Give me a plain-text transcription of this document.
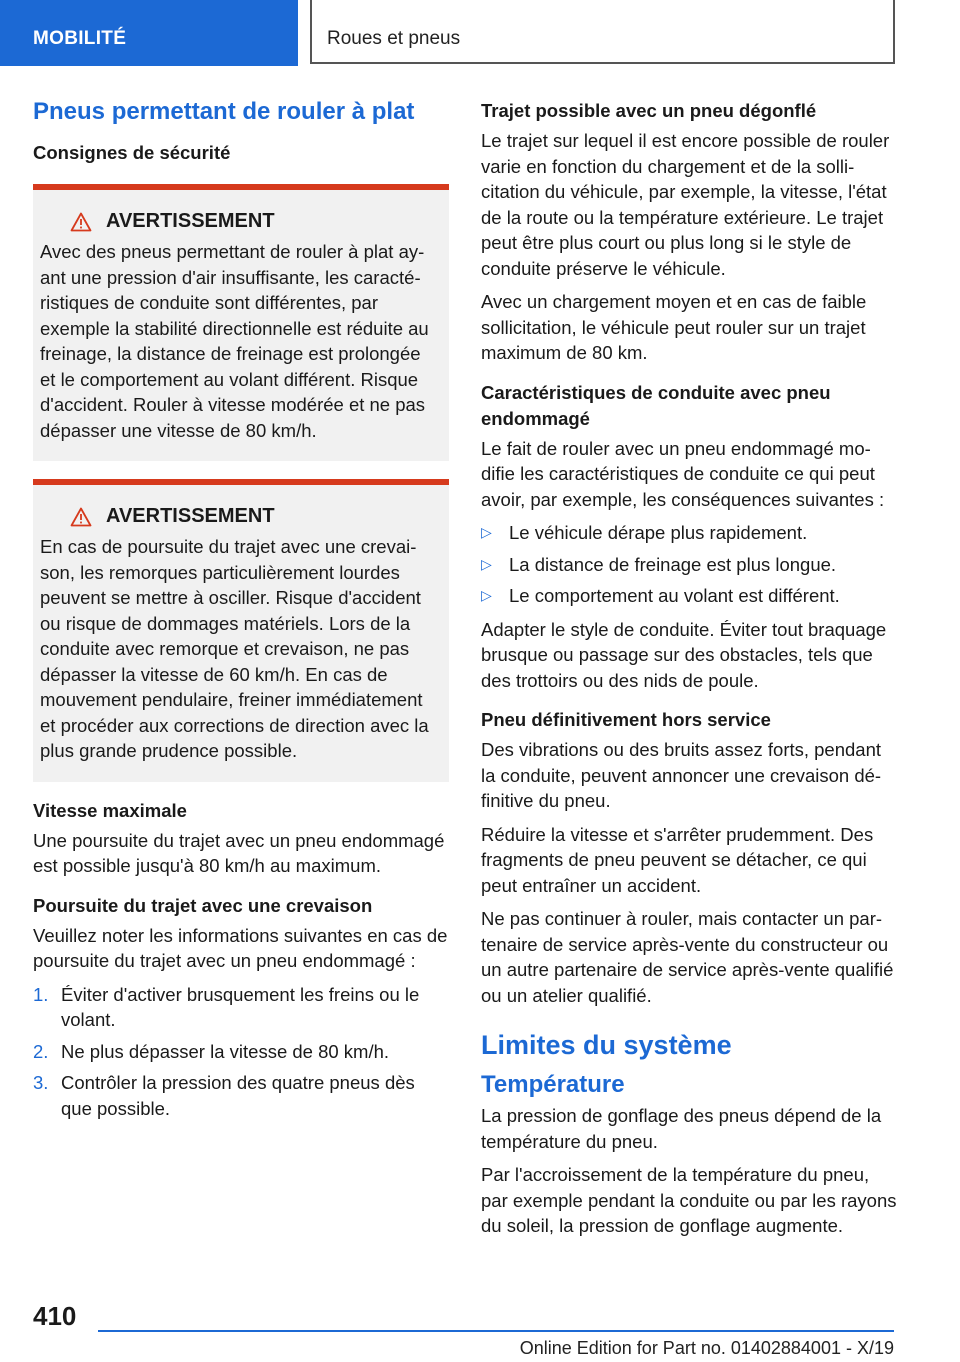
MOBILITÉ	Roues et pneus
Pneus permettant de rouler à plat
Consignes de sécurité
AVERTISSEMENT

Avec des pneus permettant de rouler à plat ayant une pression d'air insuffisante, les caractéristiques de conduite sont différentes, par exemple la stabilité directionnelle est réduite au freinage, la distance de freinage est prolongée et le comportement au volant différent. Risque d'accident. Rouler à vitesse modérée et ne pas dépasser une vitesse de 80 km/h.

AVERTISSEMENT

En cas de poursuite du trajet avec une crevaison, les remorques particulièrement lourdes peuvent se mettre à osciller. Risque d'accident ou risque de dommages matériels. Lors de la conduite avec remorque et crevaison, ne pas dépasser la vitesse de 60 km/h. En cas de mouvement pendulaire, freiner immédiatement et procéder aux corrections de direction avec la plus grande prudence possible.

Vitesse maximale

Une poursuite du trajet avec un pneu endommagé est possible jusqu'à 80 km/h au maximum.

Poursuite du trajet avec une crevaison

Veuillez noter les informations suivantes en cas de poursuite du trajet avec un pneu endommagé :

1. Éviter d'activer brusquement les freins ou le volant.
2. Ne plus dépasser la vitesse de 80 km/h.
3. Contrôler la pression des quatre pneus dès que possible.
Trajet possible avec un pneu dégonflé

Le trajet sur lequel il est encore possible de rouler varie en fonction du chargement et de la sollicitation du véhicule, par exemple, la vitesse, l'état de la route ou la température extérieure. Le trajet peut être plus court ou plus long si le style de conduite préserve le véhicule.

Avec un chargement moyen et en cas de faible sollicitation, le véhicule peut rouler sur un trajet maximum de 80 km.

Caractéristiques de conduite avec pneu endommagé

Le fait de rouler avec un pneu endommagé modifie les caractéristiques de conduite ce qui peut avoir, par exemple, les conséquences suivantes :

▷ Le véhicule dérape plus rapidement.
▷ La distance de freinage est plus longue.
▷ Le comportement au volant est différent.

Adapter le style de conduite. Éviter tout braquage brusque ou passage sur des obstacles, tels que des trottoirs ou des nids de poule.

Pneu définitivement hors service

Des vibrations ou des bruits assez forts, pendant la conduite, peuvent annoncer une crevaison définitive du pneu.

Réduire la vitesse et s'arrêter prudemment. Des fragments de pneu peuvent se détacher, ce qui peut entraîner un accident.

Ne pas continuer à rouler, mais contacter un partenaire de service après-vente du constructeur ou un autre partenaire de service après-vente qualifié ou un atelier qualifié.

Limites du système
Température

La pression de gonflage des pneus dépend de la température du pneu.

Par l'accroissement de la température du pneu, par exemple pendant la conduite ou par les rayons du soleil, la pression de gonflage augmente.

410
Online Edition for Part no. 01402884001 - X/19
